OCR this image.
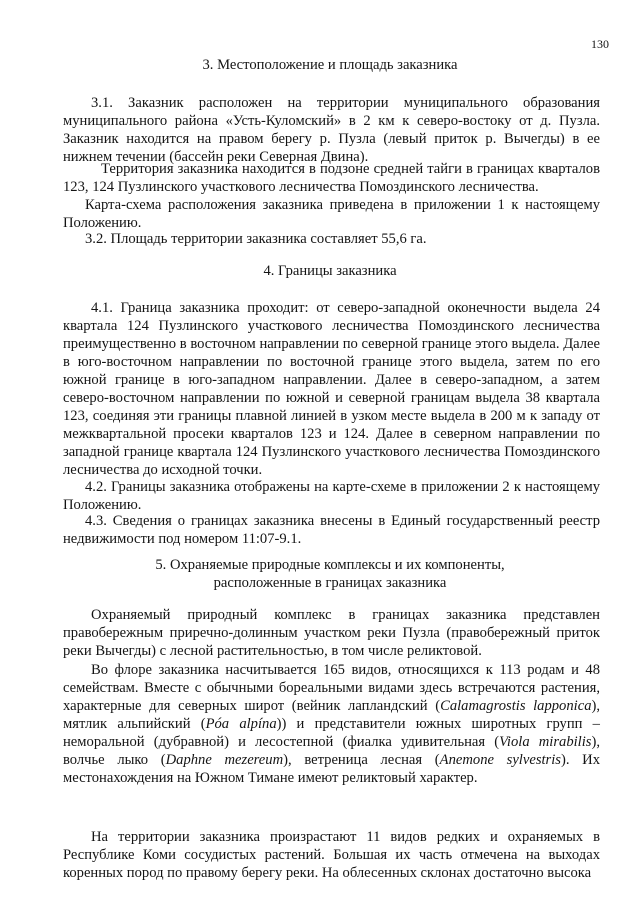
130
3. Местоположение и площадь заказника
3.1. Заказник расположен на территории муниципального образования муниципального района «Усть-Куломский» в 2 км к северо-востоку от д. Пузла. Заказник находится на правом берегу р. Пузла (левый приток р. Вычегды) в ее нижнем течении (бассейн реки Северная Двина).
Территория заказника находится в подзоне средней тайги в границах кварталов 123, 124 Пузлинского участкового лесничества Помоздинского лесничества.
Карта-схема расположения заказника приведена в приложении 1 к настоящему Положению.
3.2. Площадь территории заказника составляет 55,6 га.
4. Границы заказника
4.1. Граница заказника проходит: от северо-западной оконечности выдела 24 квартала 124 Пузлинского участкового лесничества Помоздинского лесничества преимущественно в восточном направлении по северной границе этого выдела. Далее в юго-восточном направлении по восточной границе этого выдела, затем по его южной границе в юго-западном направлении. Далее в северо-западном, а затем северо-восточном направлении по южной и северной границам выдела 38 квартала 123, соединяя эти границы плавной линией в узком месте выдела в 200 м к западу от межквартальной просеки кварталов 123 и 124. Далее в северном направлении по западной границе квартала 124 Пузлинского участкового лесничества Помоздинского лесничества до исходной точки.
4.2. Границы заказника отображены на карте-схеме в приложении 2 к настоящему Положению.
4.3. Сведения о границах заказника внесены в Единый государственный реестр недвижимости под номером 11:07-9.1.
5. Охраняемые природные комплексы и их компоненты,
расположенные в границах заказника
Охраняемый природный комплекс в границах заказника представлен правобережным приречно-долинным участком реки Пузла (правобережный приток реки Вычегды) с лесной растительностью, в том числе реликтовой.
Во флоре заказника насчитывается 165 видов, относящихся к 113 родам и 48 семействам. Вместе с обычными бореальными видами здесь встречаются растения, характерные для северных широт (вейник лапландский (Calamagrostis lapponica), мятлик альпийский (Póa alpína)) и представители южных широтных групп – неморальной (дубравной) и лесостепной (фиалка удивительная (Viola mirabilis), волчье лыко (Daphne mezereum), ветреница лесная (Anemone sylvestris). Их местонахождения на Южном Тимане имеют реликтовый характер.
На территории заказника произрастают 11 видов редких и охраняемых в Республике Коми сосудистых растений. Большая их часть отмечена на выходах коренных пород по правому берегу реки. На облесенных склонах достаточно высока
